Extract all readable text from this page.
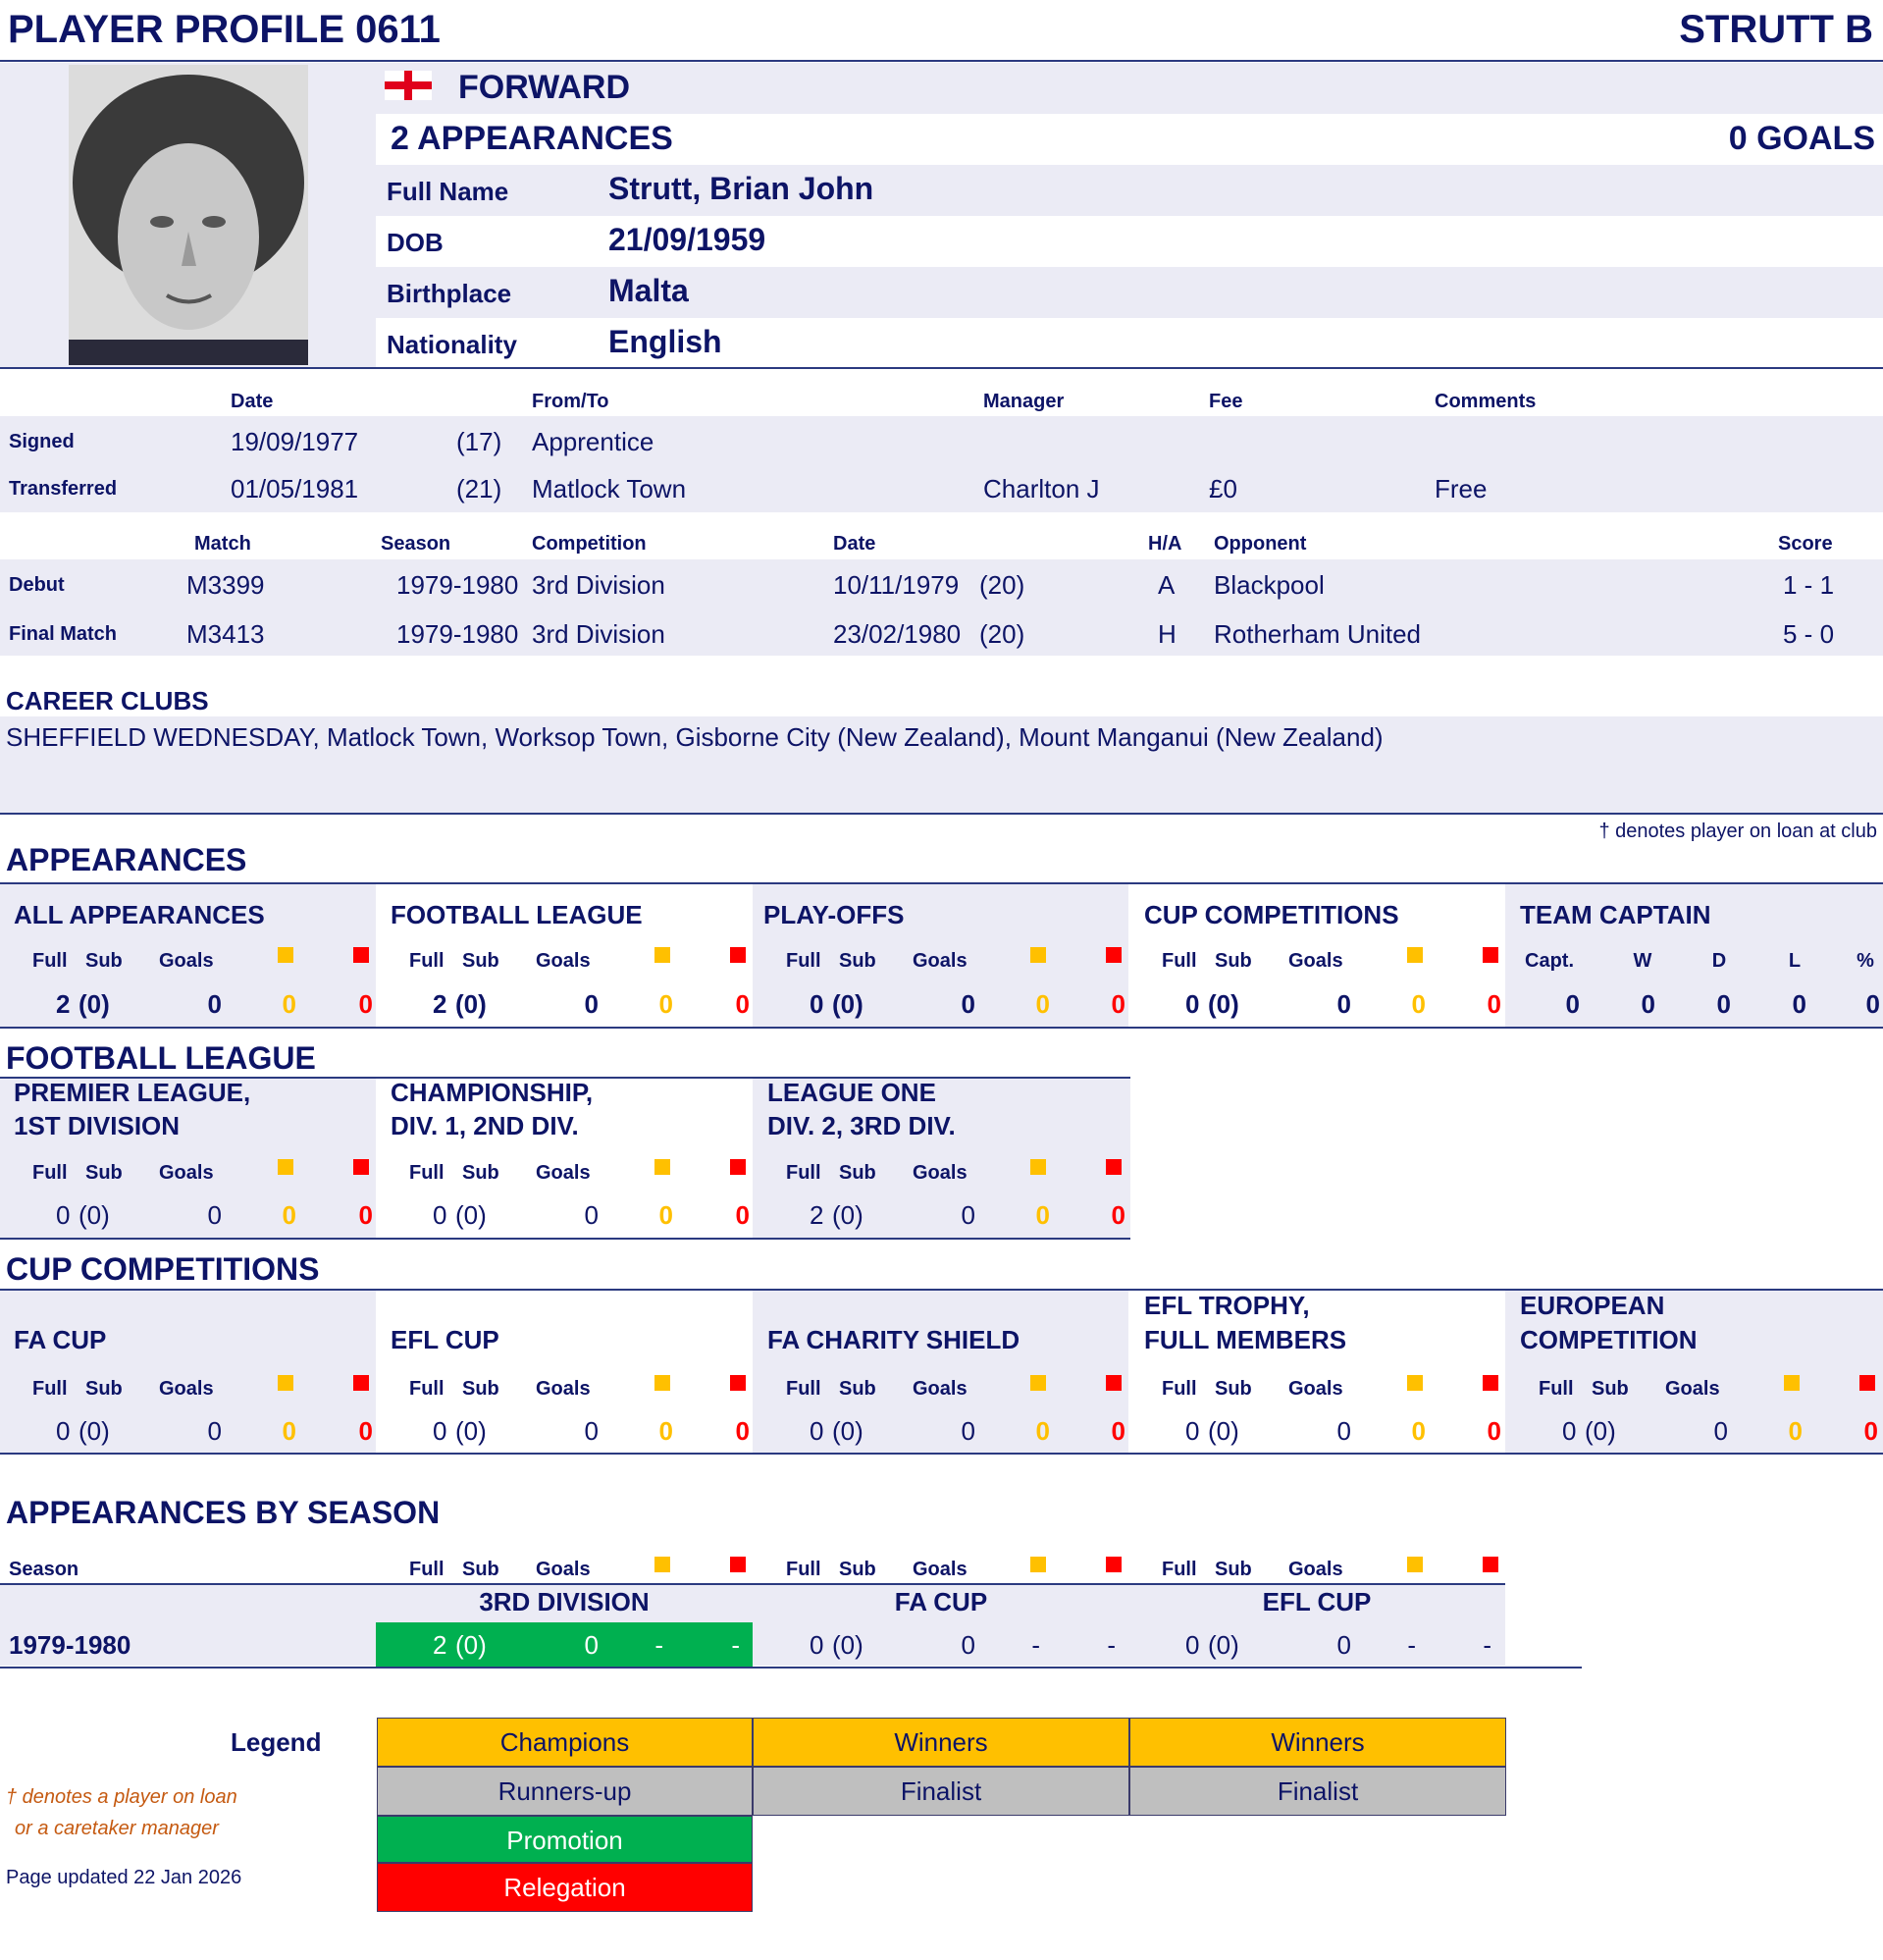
PLAYER PROFILE 0611	STRUTT B
FORWARD
2 APPEARANCES	0 GOALS
Full Name	Strutt, Brian John
DOB	21/09/1959
Birthplace	Malta
Nationality	English
Date	From/To	Manager	Fee	Comments
Signed	19/09/1977	(17) Apprentice
Transferred	01/05/1981	(21) Matlock Town	Charlton J	£0	Free
Match	Season	Competition	Date	H/A Opponent	Score
Debut	M3399	1979-1980 3rd Division	10/11/1979 (20)	A Blackpool	1 - 1
Final Match	M3413	1979-1980 3rd Division	23/02/1980 (20)	H Rotherham United	5 - 0
CAREER CLUBS
SHEFFIELD WEDNESDAY, Matlock Town, Worksop Town, Gisborne City (New Zealand), Mount Manganui (New Zealand)
† denotes player on loan at club
APPEARANCES
ALL APPEARANCES
Full Sub Goals
2 (0)	0	0	0
FOOTBALL LEAGUE
Full Sub Goals
2 (0)	0	0	0
PLAY-OFFS
Full Sub Goals
0 (0)	0	0	0
CUP COMPETITIONS
Full Sub Goals
0 (0)	0	0	0
TEAM CAPTAIN
Capt.	W	D	L	%
0	0	0	0	0
FOOTBALL LEAGUE
PREMIER LEAGUE,
1ST DIVISION
Full Sub Goals
0 (0)	0	0	0
CHAMPIONSHIP,
DIV. 1, 2ND DIV.
Full Sub Goals
0 (0)	0	0	0
LEAGUE ONE
DIV. 2, 3RD DIV.
Full Sub Goals
2 (0)	0	0	0
CUP COMPETITIONS
FA CUP
Full Sub Goals
0 (0)	0	0	0
EFL CUP
Full Sub Goals
0 (0)	0	0	0
FA CHARITY SHIELD
Full Sub Goals
0 (0)	0	0	0
EFL TROPHY,
FULL MEMBERS
Full Sub Goals
0 (0)	0	0	0
EUROPEAN
COMPETITION
Full Sub Goals
0 (0)	0	0	0
APPEARANCES BY SEASON
Season	Full Sub Goals	Full Sub Goals	Full Sub Goals
3RD DIVISION	FA CUP	EFL CUP
1979-1980	2 (0)	0	-	-	0 (0)	0	-	-	0 (0)	0	-	-
Legend
† denotes a player on loan
or a caretaker manager
Page updated 22 Jan 2026
Champions
Runners-up
Promotion
Relegation
Winners
Finalist
Winners
Finalist
